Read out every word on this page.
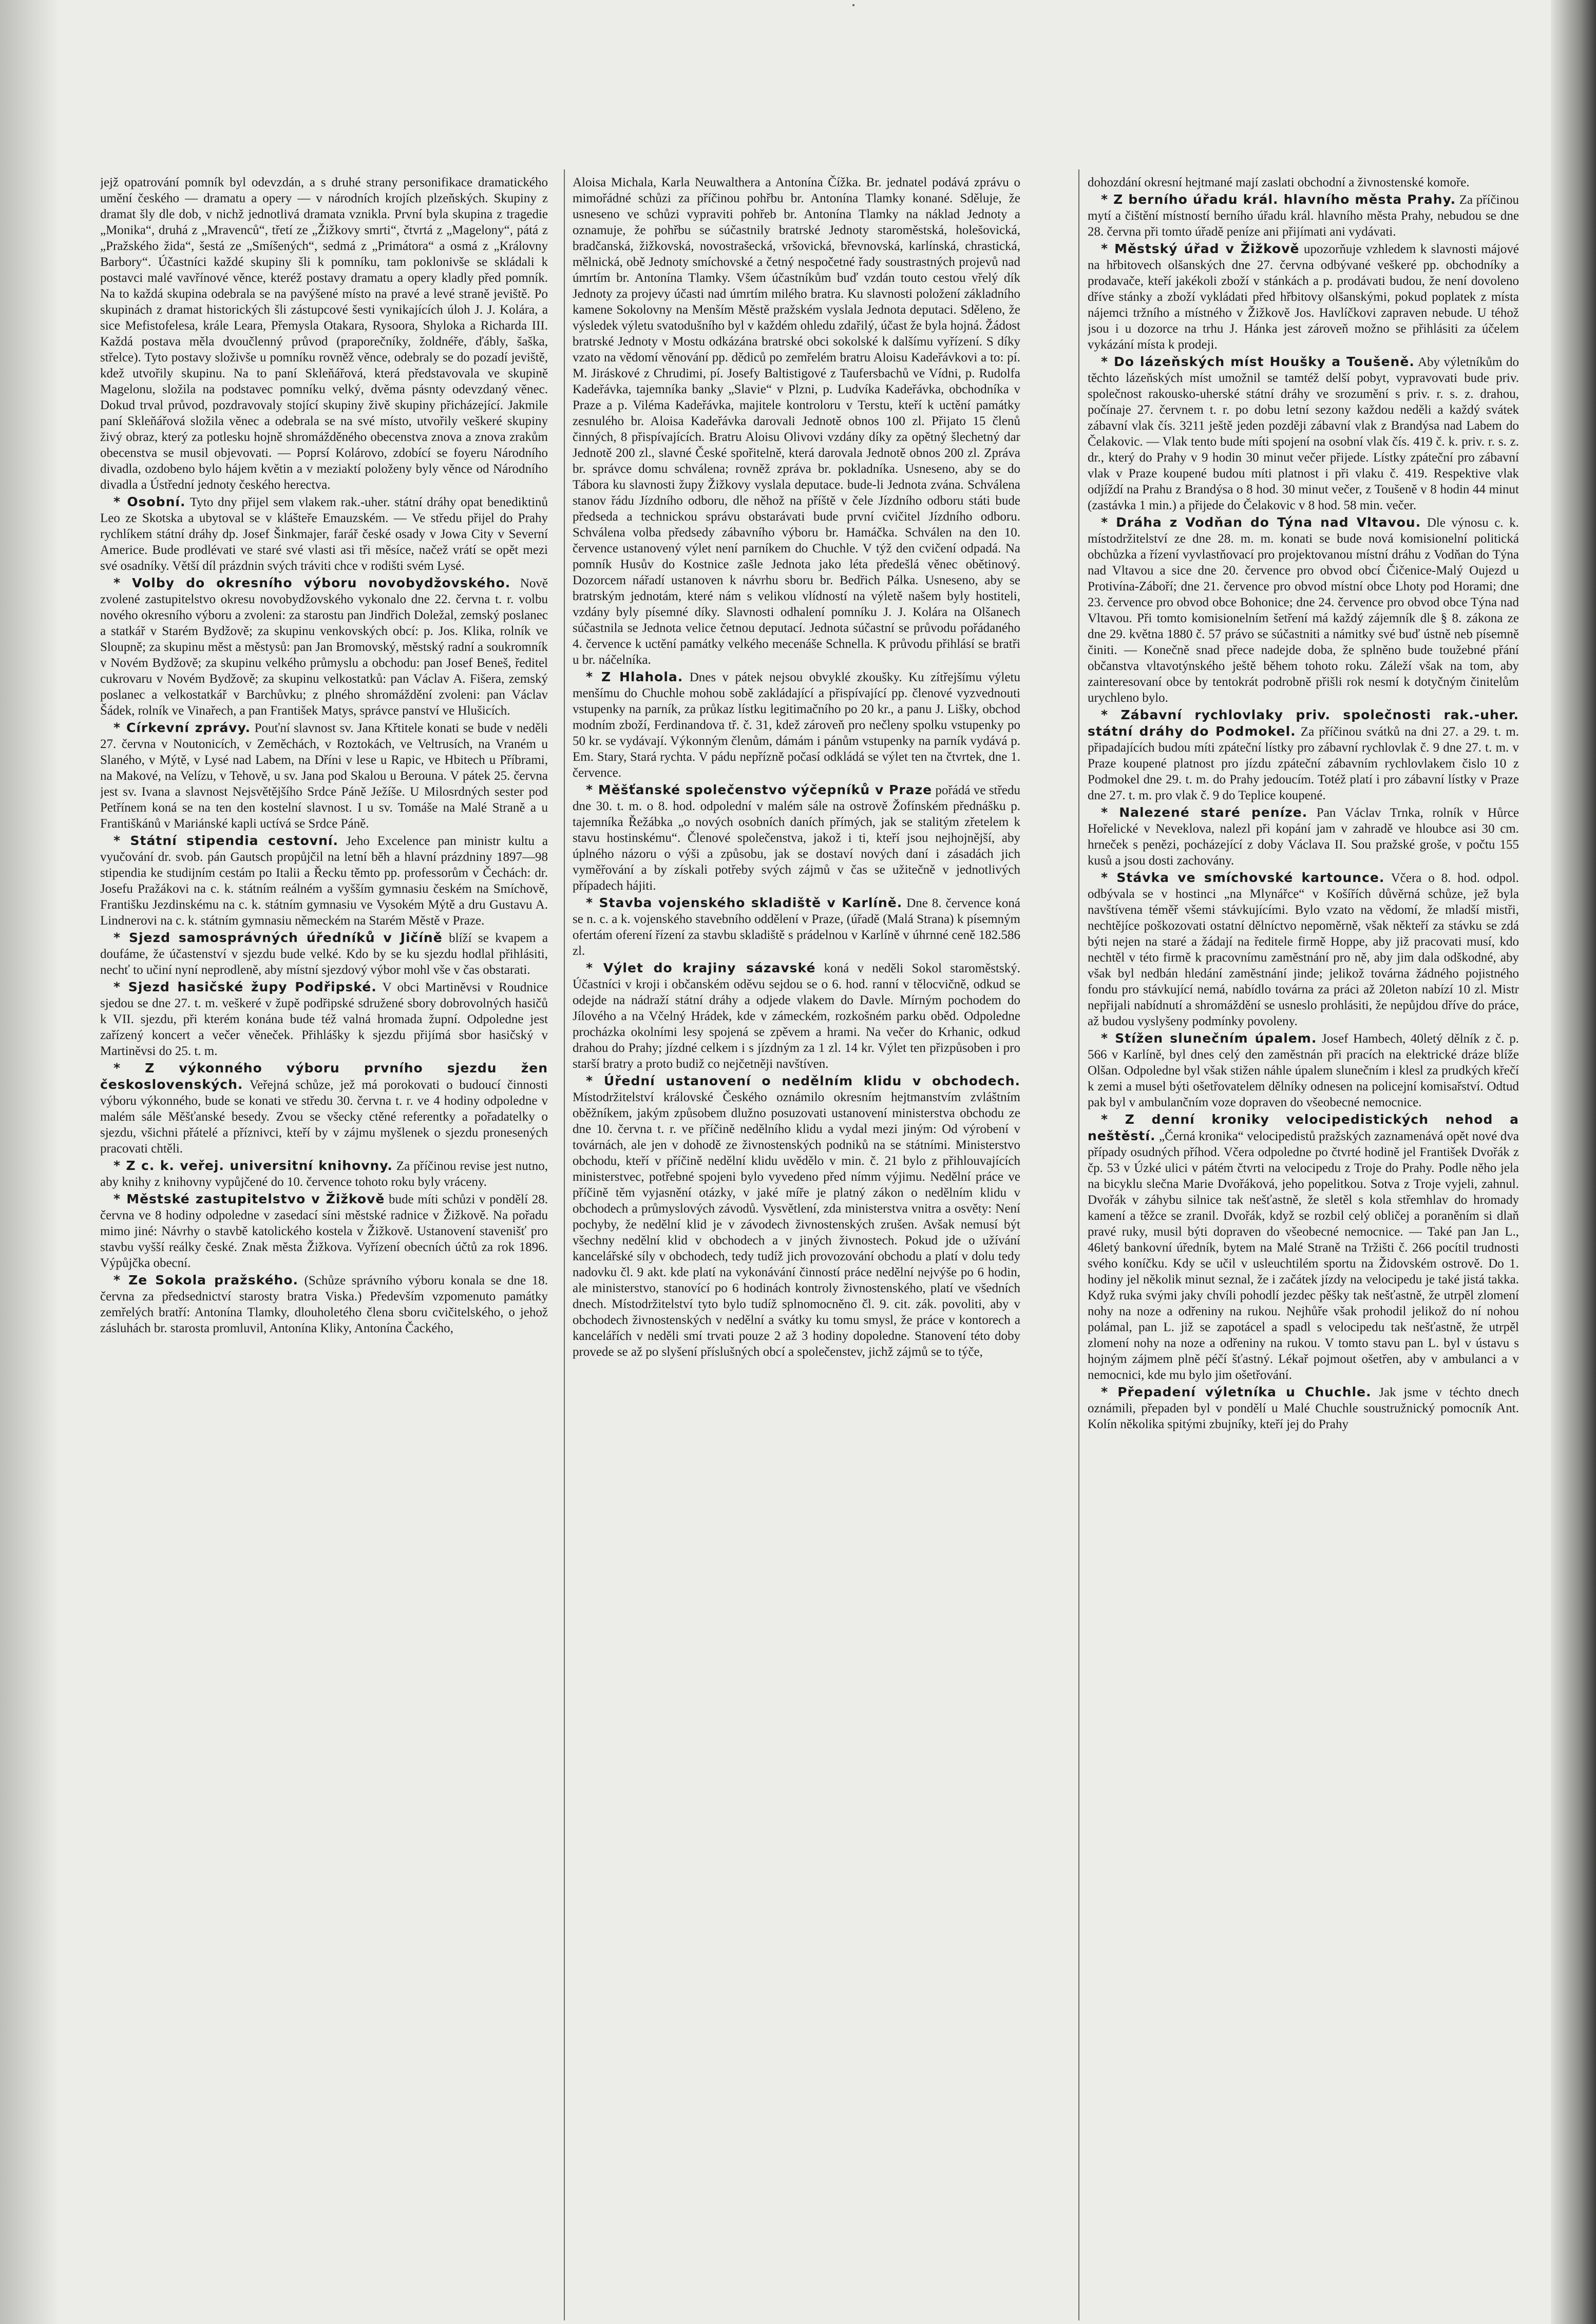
jejž opatrování pomník byl odevzdán, a s druhé strany personifikace dramatického umění českého — dramatu a opery — v národních krojích plzeňských. Skupiny z dramat šly dle dob, v nichž jednotlivá dramata vznikla. První byla skupina z tragedie „Monika“, druhá z „Mravenců“, třetí ze „Žižkovy smrti“, čtvrtá z „Magelony“, pátá z „Pražského žida“, šestá ze „Smíšených“, sedmá z „Primátora“ a osmá z „Královny Barbory“. Účastníci každé skupiny šli k pomníku, tam poklonivše se skládali k postavci malé vavřínové věnce, kteréž postavy dramatu a opery kladly před pomník. Na to každá skupina odebrala se na pavýšené místo na pravé a levé straně jeviště. Po skupinách z dramat historických šli zástupcové šesti vynikajících úloh J. J. Kolára, a sice Mefistofelesa, krále Leara, Přemysla Otakara, Rysoora, Shyloka a Richarda III. Každá postava měla dvoučlenný průvod (praporečníky, žoldnéře, ďábly, šaška, střelce). Tyto postavy složivše u pomníku rovněž věnce, odebraly se do pozadí jeviště, kdež utvořily skupinu. Na to paní Skleňářová, která představovala ve skupině Magelonu, složila na podstavec pomníku velký, dvěma pásnty odevzdaný věnec. Dokud trval průvod, pozdravovaly stojící skupiny živě skupiny přicházející. Jakmile paní Skleňářová složila věnec a odebrala se na své místo, utvořily veškeré skupiny živý obraz, který za potlesku hojně shromážděného obecenstva znova a znova zrakům obecenstva se musil objevovati. — Poprsí Kolárovo, zdobící se foyeru Národního divadla, ozdobeno bylo hájem květin a v meziaktí položeny byly věnce od Národního divadla a Ústřední jednoty českého herectva.

* Osobní. Tyto dny přijel sem vlakem rak.-uher. státní dráhy opat benediktinů Leo ze Skotska a ubytoval se v klášteře Emauzském. — Ve středu přijel do Prahy rychlíkem státní dráhy dp. Josef Šinkmajer, farář české osady v Jowa City v Severní Americe. Bude prodlévati ve staré své vlasti asi tři měsíce, načež vrátí se opět mezi své osadníky. Větší díl prázdnin svých tráviti chce v rodišti svém Lysé.

* Volby do okresního výboru novobydžovského. Nově zvolené zastupitelstvo okresu novobydžovského vykonalo dne 22. června t. r. volbu nového okresního výboru a zvoleni: za starostu pan Jindřich Doležal, zemský poslanec a statkář v Starém Bydžově; za skupinu venkovských obcí: p. Jos. Klika, rolník ve Sloupně; za skupinu měst a městysů: pan Jan Bromovský, městský radní a soukromník v Novém Bydžově; za skupinu velkého průmyslu a obchodu: pan Josef Beneš, ředitel cukrovaru v Novém Bydžově; za skupinu velkostatků: pan Václav A. Fišera, zemský poslanec a velkostatkář v Barchůvku; z plného shromáždění zvoleni: pan Václav Šádek, rolník ve Vinařech, a pan František Matys, správce panství ve Hlušicích.

* Církevní zprávy. Pouťní slavnost sv. Jana Křtitele konati se bude v neděli 27. června v Noutonicích, v Zeměchách, v Roztokách, ve Veltrusích, na Vraném u Slaného, v Mýtě, v Lysé nad Labem, na Dříni v lese u Rapic, ve Hbitech u Příbrami, na Makové, na Velízu, v Tehově, u sv. Jana pod Skalou u Berouna. V pátek 25. června jest sv. Ivana a slavnost Nejsvětějšího Srdce Páně Ježíše. U Milosrdných sester pod Petřínem koná se na ten den kostelní slavnost. I u sv. Tomáše na Malé Straně a u Františkánů v Mariánské kapli uctívá se Srdce Páně.

* Státní stipendia cestovní. Jeho Excelence pan ministr kultu a vyučování dr. svob. pán Gautsch propůjčil na letní běh a hlavní prázdniny 1897—98 stipendia ke studijním cestám po Italii a Řecku těmto pp. professorům v Čechách: dr. Josefu Pražákovi na c. k. státním reálném a vyšším gymnasiu českém na Smíchově, Františku Jezdinskému na c. k. státním gymnasiu ve Vysokém Mýtě a dru Gustavu A. Lindnerovi na c. k. státním gymnasiu německém na Starém Městě v Praze.

* Sjezd samosprávných úředníků v Jičíně blíží se kvapem a doufáme, že účastenství v sjezdu bude velké. Kdo by se ku sjezdu hodlal přihlásiti, nechť to učiní nyní neprodleně, aby místní sjezdový výbor mohl vše v čas obstarati.

* Sjezd hasičské župy Podřipské. V obci Martiněvsi v Roudnice sjedou se dne 27. t. m. veškeré v župě podřipské sdružené sbory dobrovolných hasičů k VII. sjezdu, při kterém konána bude též valná hromada župní. Odpoledne jest zařízený koncert a večer věneček. Přihlášky k sjezdu přijímá sbor hasičský v Martiněvsi do 25. t. m.

* Z výkonného výboru prvního sjezdu žen československých. Veřejná schůze, jež má porokovati o budoucí činnosti výboru výkonného, bude se konati ve středu 30. června t. r. ve 4 hodiny odpoledne v malém sále Měšťanské besedy. Zvou se všecky ctěné referentky a pořadatelky o sjezdu, všichni přátelé a příznivci, kteří by v zájmu myšlenek o sjezdu pronesených pracovati chtěli.

* Z c. k. veřej. universitní knihovny. Za příčinou revise jest nutno, aby knihy z knihovny vypůjčené do 10. července tohoto roku byly vráceny.

* Městské zastupitelstvo v Žižkově bude míti schůzi v pondělí 28. června ve 8 hodiny odpoledne v zasedací síni městské radnice v Žižkově. Na pořadu mimo jiné: Návrhy o stavbě katolického kostela v Žižkově. Ustanovení stavenišť pro stavbu vyšší reálky české. Znak města Žižkova. Vyřízení obecních účtů za rok 1896. Výpůjčka obecní.

* Ze Sokola pražského. (Schůze správního výboru konala se dne 18. června za předsednictví starosty bratra Viska.) Především vzpomenuto památky zemřelých bratří: Antonína Tlamky, dlouholetého člena sboru cvičitelského, o jehož zásluhách br. starosta promluvil, Antonína Kliky, Antonína Čackého,

Aloisa Michala, Karla Neuwalthera a Antonína Čížka. Br. jednatel podává zprávu o mimořádné schůzi za příčinou pohřbu br. Antonína Tlamky konané. Sděluje, že usneseno ve schůzi vypraviti pohřeb br. Antonína Tlamky na náklad Jednoty a oznamuje, že pohřbu se súčastnily bratrské Jednoty staroměstská, holešovická, bradčanská, žižkovská, novostrašecká, vršovická, břevnovská, karlínská, chrastická, mělnická, obě Jednoty smíchovské a četný nespočetné řady soustrastných projevů nad úmrtím br. Antonína Tlamky. Všem účastníkům buď vzdán touto cestou vřelý dík Jednoty za projevy účasti nad úmrtím milého bratra. Ku slavnosti položení základního kamene Sokolovny na Menším Městě pražském vyslala Jednota deputaci. Sděleno, že výsledek výletu svatodušního byl v každém ohledu zdařilý, účast že byla hojná. Žádost bratrské Jednoty v Mostu odkázána bratrské obci sokolské k dalšímu vyřízení. S díky vzato na vědomí věnování pp. dědiců po zemřelém bratru Aloisu Kadeřávkovi a to: pí. M. Jiráskové z Chrudimi, pí. Josefy Baltistigové z Taufersbachů ve Vídni, p. Rudolfa Kadeřávka, tajemníka banky „Slavie“ v Plzni, p. Ludvíka Kadeřávka, obchodníka v Praze a p. Viléma Kadeřávka, majitele kontroloru v Terstu, kteří k uctění památky zesnulého br. Aloisa Kadeřávka darovali Jednotě obnos 100 zl. Přijato 15 členů činných, 8 přispívajících. Bratru Aloisu Olivovi vzdány díky za opětný šlechetný dar Jednotě 200 zl., slavné České spořitelně, která darovala Jednotě obnos 200 zl. Zpráva br. správce domu schválena; rovněž zpráva br. pokladníka. Usneseno, aby se do Tábora ku slavnosti župy Žižkovy vyslala deputace. bude-li Jednota zvána. Schválena stanov řádu Jízdního odboru, dle něhož na příště v čele Jízdního odboru státi bude předseda a technickou správu obstarávati bude první cvičitel Jízdního odboru. Schválena volba předsedy zábavního výboru br. Hamáčka. Schválen na den 10. července ustanovený výlet není parníkem do Chuchle. V týž den cvičení odpadá. Na pomník Husův do Kostnice zašle Jednota jako léta předešlá věnec obětinový. Dozorcem nářadí ustanoven k návrhu sboru br. Bedřich Pálka. Usneseno, aby se bratrským jednotám, které nám s velikou vlídností na výletě našem byly hostiteli, vzdány byly písemné díky. Slavnosti odhalení pomníku J. J. Kolára na Olšanech súčastnila se Jednota velice četnou deputací. Jednota súčastní se průvodu pořádaného 4. července k uctění památky velkého mecenáše Schnella. K průvodu přihlásí se bratři u br. náčelníka.

* Z Hlahola. Dnes v pátek nejsou obvyklé zkoušky. Ku zítřejšímu výletu menšímu do Chuchle mohou sobě zakládající a přispívající pp. členové vyzvednouti vstupenky na parník, za průkaz lístku legitimačního po 20 kr., a panu J. Lišky, obchod modním zboží, Ferdinandova tř. č. 31, kdež zároveň pro nečleny spolku vstupenky po 50 kr. se vydávají. Výkonným členům, dámám i pánům vstupenky na parník vydává p. Em. Stary, Stará rychta. V pádu nepřízně počasí odkládá se výlet ten na čtvrtek, dne 1. července.

* Měšťanské společenstvo výčepníků v Praze pořádá ve středu dne 30. t. m. o 8. hod. odpolední v malém sále na ostrově Žofínském přednášku p. tajemníka Řežábka „o nových osobních daních přímých, jak se stalitým zřetelem k stavu hostinskému“. Členové společenstva, jakož i ti, kteří jsou nejhojnější, aby úplného názoru o výši a způsobu, jak se dostaví nových daní i zásadách jich vyměřování a by získali potřeby svých zájmů v čas se užitečně v jednotlivých případech hájiti.

* Stavba vojenského skladiště v Karlíně. Dne 8. července koná se n. c. a k. vojenského stavebního oddělení v Praze, (úřadě (Malá Strana) k písemným ofertám oferení řízení za stavbu skladiště s prádelnou v Karlíně v úhrnné ceně 182.586 zl.

* Výlet do krajiny sázavské koná v neděli Sokol staroměstský. Účastníci v kroji i občanském oděvu sejdou se o 6. hod. ranní v tělocvičně, odkud se odejde na nádraží státní dráhy a odjede vlakem do Davle. Mírným pochodem do Jílového a na Včelný Hrádek, kde v zámeckém, rozkošném parku oběd. Odpoledne procházka okolními lesy spojená se zpěvem a hrami. Na večer do Krhanic, odkud drahou do Prahy; jízdné celkem i s jízdným za 1 zl. 14 kr. Výlet ten přizpůsoben i pro starší bratry a proto budiž co nejčetněji navštíven.

* Úřední ustanovení o nedělním klidu v obchodech. Místodržitelství královské Českého oznámilo okresním hejtmanstvím zvláštním oběžníkem, jakým způsobem dlužno posuzovati ustanovení ministerstva obchodu ze dne 10. června t. r. ve příčině nedělního klidu a vydal mezi jiným: Od výrobení v továrnách, ale jen v dohodě ze živnostenských podniků na se státními. Ministerstvo obchodu, kteří v příčině nedělní klidu uvědělo v min. č. 21 bylo z přihlouvajících ministerstvec, potřebné spojeni bylo vyvedeno před nímm výjimu. Nedělní práce ve příčině těm vyjasnění otázky, v jaké míře je platný zákon o nedělním klidu v obchodech a průmyslových závodů. Vysvětlení, zda ministerstva vnitra a osvěty: Není pochyby, že nedělní klid je v závodech živnostenských zrušen. Avšak nemusí být všechny nedělní klid v obchodech a v jiných živnostech. Pokud jde o užívání kancelářské síly v obchodech, tedy tudíž jich provozování obchodu a platí v dolu tedy nadovku čl. 9 akt. kde platí na vykonávání činností práce nedělní nejvýše po 6 hodin, ale ministerstvo, stanovící po 6 hodinách kontroly živnostenského, platí ve všedních dnech. Místodržitelství tyto bylo tudíž splnomocněno čl. 9. cit. zák. povoliti, aby v obchodech živnostenských v nedělní a svátky ku tomu smysl, že práce v kontorech a kancelářích v neděli smí trvati pouze 2 až 3 hodiny dopoledne. Stanovení této doby provede se až po slyšení příslušných obcí a společenstev, jichž zájmů se to týče,

dohozdání okresní hejtmané mají zaslati obchodní a živnostenské komoře.

* Z berního úřadu král. hlavního města Prahy. Za příčinou mytí a čištění místností berního úřadu král. hlavního města Prahy, nebudou se dne 28. června při tomto úřadě peníze ani přijímati ani vydávati.

* Městský úřad v Žižkově upozorňuje vzhledem k slavnosti májové na hřbitovech olšanských dne 27. června odbývané veškeré pp. obchodníky a prodavače, kteří jakékoli zboží v stánkách a p. prodávati budou, že není dovoleno dříve stánky a zboží vykládati před hřbitovy olšanskými, pokud poplatek z místa nájemci tržního a místného v Žižkově Jos. Havlíčkovi zapraven nebude. U téhož jsou i u dozorce na trhu J. Hánka jest zároveň možno se přihlásiti za účelem vykázání místa k prodeji.

* Do lázeňských míst Houšky a Toušeně. Aby výletníkům do těchto lázeňských míst umožnil se tamtéž delší pobyt, vypravovati bude priv. společnost rakousko-uherské státní dráhy ve srozumění s priv. r. s. z. drahou, počínaje 27. červnem t. r. po dobu letní sezony každou neděli a každý svátek zábavní vlak čís. 3211 ještě jeden později zábavní vlak z Brandýsa nad Labem do Čelakovic. — Vlak tento bude míti spojení na osobní vlak čís. 419 č. k. priv. r. s. z. dr., který do Prahy v 9 hodin 30 minut večer přijede. Lístky zpáteční pro zábavní vlak v Praze koupené budou míti platnost i při vlaku č. 419. Respektive vlak odjíždí na Prahu z Brandýsa o 8 hod. 30 minut večer, z Toušeně v 8 hodin 44 minut (zastávka 1 min.) a přijede do Čelakovic v 8 hod. 58 min. večer.

* Dráha z Vodňan do Týna nad Vltavou. Dle výnosu c. k. místodržitelství ze dne 28. m. m. konati se bude nová komisionelní politická obchůzka a řízení vyvlastňovací pro projektovanou místní dráhu z Vodňan do Týna nad Vltavou a sice dne 20. července pro obvod obcí Čičenice-Malý Oujezd u Protivína-Záboří; dne 21. července pro obvod místní obce Lhoty pod Horami; dne 23. července pro obvod obce Bohonice; dne 24. července pro obvod obce Týna nad Vltavou. Při tomto komisionelním šetření má každý zájemník dle § 8. zákona ze dne 29. května 1880 č. 57 právo se súčastniti a námitky své buď ústně neb písemně činiti. — Konečně snad přece nadejde doba, že splněno bude toužebné přání občanstva vltavotýnského ještě během tohoto roku. Záleží však na tom, aby zainteresovaní obce by tentokrát podrobně přišli rok nesmí k dotyčným činitelům urychleno bylo.

* Zábavní rychlovlaky priv. společnosti rak.-uher. státní dráhy do Podmokel. Za příčinou svátků na dni 27. a 29. t. m. připadajících budou míti zpáteční lístky pro zábavní rychlovlak č. 9 dne 27. t. m. v Praze koupené platnost pro jízdu zpáteční zábavním rychlovlakem čislo 10 z Podmokel dne 29. t. m. do Prahy jedoucím. Totéž platí i pro zábavní lístky v Praze dne 27. t. m. pro vlak č. 9 do Teplice koupené.

* Nalezené staré peníze. Pan Václav Trnka, rolník v Hůrce Hořelické v Neveklova, nalezl při kopání jam v zahradě ve hloubce asi 30 cm. hrneček s penězi, pocházející z doby Václava II. Sou pražské groše, v počtu 155 kusů a jsou dosti zachovány.

* Stávka ve smíchovské kartounce. Včera o 8. hod. odpol. odbývala se v hostinci „na Mlynářce“ v Košířích důvěrná schůze, jež byla navštívena téměř všemi stávkujícími. Bylo vzato na vědomí, že mladší mistři, nechtějíce poškozovati ostatní dělníctvo nepoměrně, však někteří za stávku se zdá býti nejen na staré a žádají na ředitele firmě Hoppe, aby již pracovati musí, kdo nechtěl v této firmě k pracovnímu zaměstnání pro ně, aby jim dala odškodné, aby však byl nedbán hledání zaměstnání jinde; jelikož továrna žádného pojistného fondu pro stávkující nemá, nabídlo továrna za práci až 20leton nabízí 10 zl. Mistr nepřijali nabídnutí a shromáždění se usneslo prohlásiti, že nepůjdou dříve do práce, až budou vyslyšeny podmínky povoleny.

* Stížen slunečním úpalem. Josef Hambech, 40letý dělník z č. p. 566 v Karlíně, byl dnes celý den zaměstnán při pracích na elektrické dráze blíže Olšan. Odpoledne byl však stižen náhle úpalem slunečním i klesl za prudkých křečí k zemi a musel býti ošetřovatelem dělníky odnesen na policejní komisařství. Odtud pak byl v ambulančním voze dopraven do všeobecné nemocnice.

* Z denní kroniky velocipedistických nehod a neštěstí. „Černá kronika“ velocipedistů pražských zaznamenává opět nové dva případy osudných příhod. Včera odpoledne po čtvrté hodině jel František Dvořák z čp. 53 v Úzké ulici v pátém čtvrti na velocipedu z Troje do Prahy. Podle něho jela na bicyklu slečna Marie Dvořáková, jeho popelitkou. Sotva z Troje vyjeli, zahnul. Dvořák v záhybu silnice tak nešťastně, že sletěl s kola střemhlav do hromady kamení a těžce se zranil. Dvořák, když se rozbil celý obličej a poraněním si dlaň pravé ruky, musil býti dopraven do všeobecné nemocnice. — Také pan Jan L., 46letý bankovní úředník, bytem na Malé Straně na Tržišti č. 266 pocítil trudnosti svého koníčku. Kdy se učil v usleuchtilém sportu na Židovském ostrově. Do 1. hodiny jel několik minut seznal, že i začátek jízdy na velocipedu je také jistá takka. Když ruka svými jaky chvíli pohodlí jezdec pěšky tak nešťastně, že utrpěl zlomení nohy na noze a odřeniny na rukou. Nejhůře však prohodil jelikož do ní nohou polámal, pan L. již se zapotácel a spadl s velocipedu tak nešťastně, že utrpěl zlomení nohy na noze a odřeniny na rukou. V tomto stavu pan L. byl v ústavu s hojným zájmem plně péčí šťastný. Lékař pojmout ošetřen, aby v ambulanci a v nemocnici, kde mu bylo jim ošetřování.

* Přepadení výletníka u Chuchle. Jak jsme v téchto dnech oznámili, přepaden byl v pondělí u Malé Chuchle soustružnický pomocník Ant. Kolín několika spitými zbujníky, kteří jej do Prahy
